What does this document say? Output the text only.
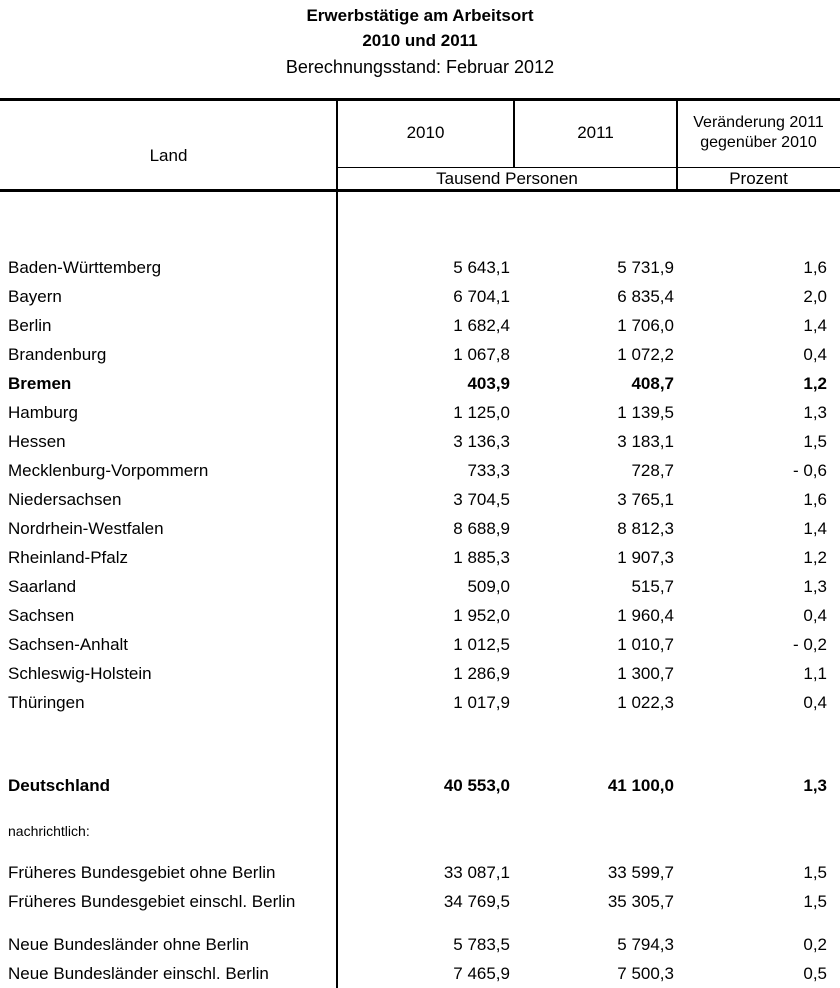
Erwerbstätige am Arbeitsort
2010 und 2011
Berechnungsstand: Februar 2012
Land
2010	2011
Veränderung 2011
gegenüber 2010
Tausend Personen	Prozent
Baden-Württemberg	5 643,1	5 731,9	1,6
Bayern	6 704,1	6 835,4	2,0
Berlin	1 682,4	1 706,0	1,4
Brandenburg	1 067,8	1 072,2	0,4
Bremen	403,9	408,7	1,2
Hamburg	1 125,0	1 139,5	1,3
Hessen	3 136,3	3 183,1	1,5
Mecklenburg-Vorpommern	733,3	728,7	- 0,6
Niedersachsen	3 704,5	3 765,1	1,6
Nordrhein-Westfalen	8 688,9	8 812,3	1,4
Rheinland-Pfalz	1 885,3	1 907,3	1,2
Saarland	509,0	515,7	1,3
Sachsen	1 952,0	1 960,4	0,4
Sachsen-Anhalt	1 012,5	1 010,7	- 0,2
Schleswig-Holstein	1 286,9	1 300,7	1,1
Thüringen	1 017,9	1 022,3	0,4
Deutschland	40 553,0	41 100,0	1,3
nachrichtlich:
Früheres Bundesgebiet ohne Berlin	33 087,1	33 599,7	1,5
Früheres Bundesgebiet einschl. Berlin	34 769,5	35 305,7	1,5
Neue Bundesländer ohne Berlin	5 783,5	5 794,3	0,2
Neue Bundesländer einschl. Berlin	7 465,9	7 500,3	0,5
